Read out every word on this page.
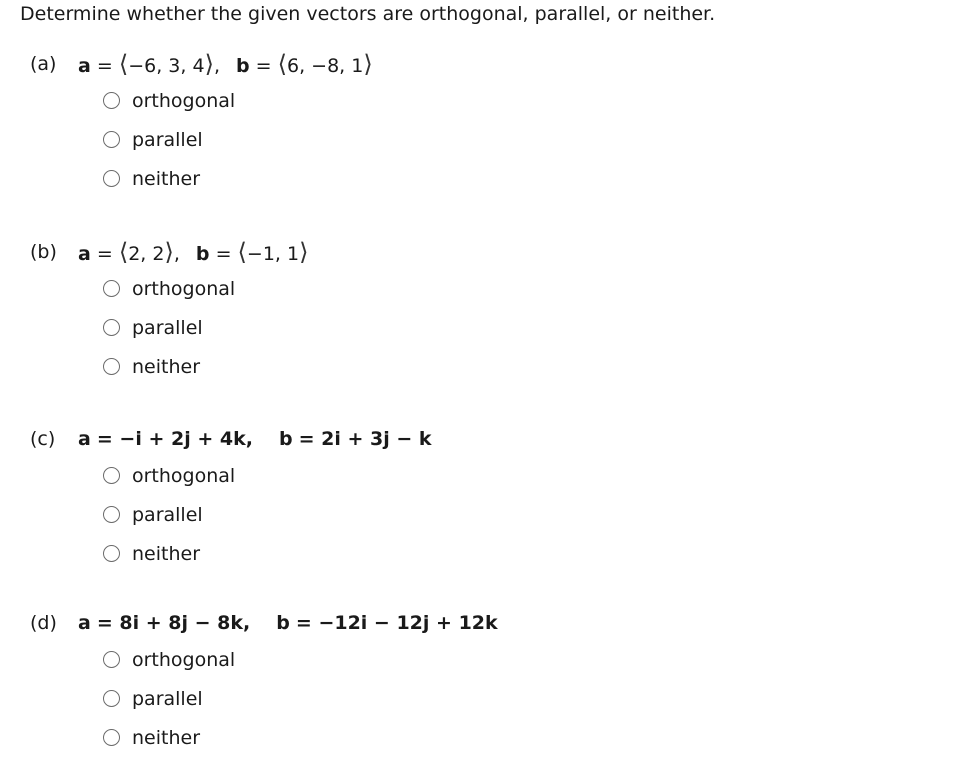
Determine whether the given vectors are orthogonal, parallel, or neither.
(a)	a = ⟨−6, 3, 4⟩, b = ⟨6, −8, 1⟩
orthogonal
parallel
neither
(b)	a = ⟨2, 2⟩, b = ⟨−1, 1⟩
orthogonal
parallel
neither
(c)	a = −i + 2j + 4k, b = 2i + 3j − k
orthogonal
parallel
neither
(d)	a = 8i + 8j − 8k, b = −12i − 12j + 12k
orthogonal
parallel
neither
